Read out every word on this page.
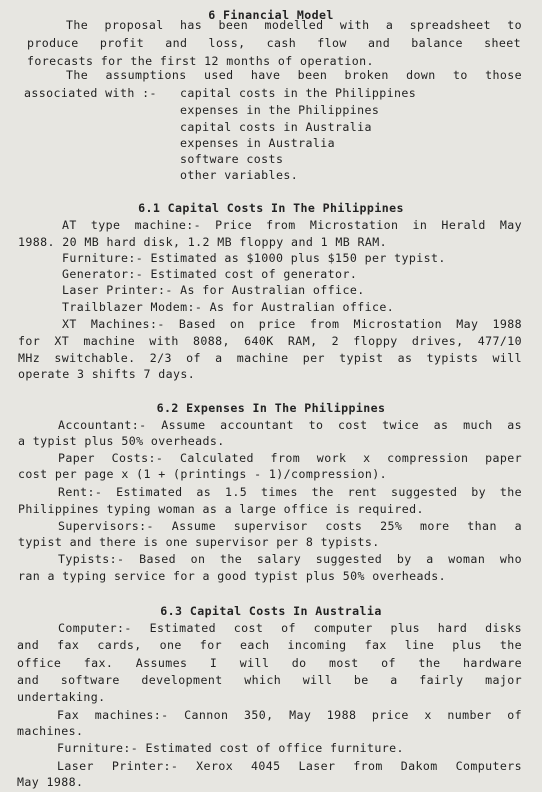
6 Financial Model
The proposal has been modelled with a spreadsheet to
produce profit and loss, cash flow and balance sheet
forecasts for the first 12 months of operation.
The assumptions used have been broken down to those
associated with :- capital costs in the Philippines
expenses in the Philippines
capital costs in Australia
expenses in Australia
software costs
other variables.
6.1 Capital Costs In The Philippines
AT type machine:- Price from Microstation in Herald May
1988. 20 MB hard disk, 1.2 MB floppy and 1 MB RAM.
Furniture:- Estimated as $1000 plus $150 per typist.
Generator:- Estimated cost of generator.
Laser Printer:- As for Australian office.
Trailblazer Modem:- As for Australian office.
XT Machines:- Based on price from Microstation May 1988
for XT machine with 8088, 640K RAM, 2 floppy drives, 477/10
MHz switchable. 2/3 of a machine per typist as typists will
operate 3 shifts 7 days.
6.2 Expenses In The Philippines
Accountant:- Assume accountant to cost twice as much as
a typist plus 50% overheads.
Paper Costs:- Calculated from work x compression paper
cost per page x (1 + (printings - 1)/compression).
Rent:- Estimated as 1.5 times the rent suggested by the
Philippines typing woman as a large office is required.
Supervisors:- Assume supervisor costs 25% more than a
typist and there is one supervisor per 8 typists.
Typists:- Based on the salary suggested by a woman who
ran a typing service for a good typist plus 50% overheads.
6.3 Capital Costs In Australia
Computer:- Estimated cost of computer plus hard disks
and fax cards, one for each incoming fax line plus the
office fax. Assumes I will do most of the hardware
and software development which will be a fairly major
undertaking.
Fax machines:- Cannon 350, May 1988 price x number of
machines.
Furniture:- Estimated cost of office furniture.
Laser Printer:- Xerox 4045 Laser from Dakom Computers
May 1988.
